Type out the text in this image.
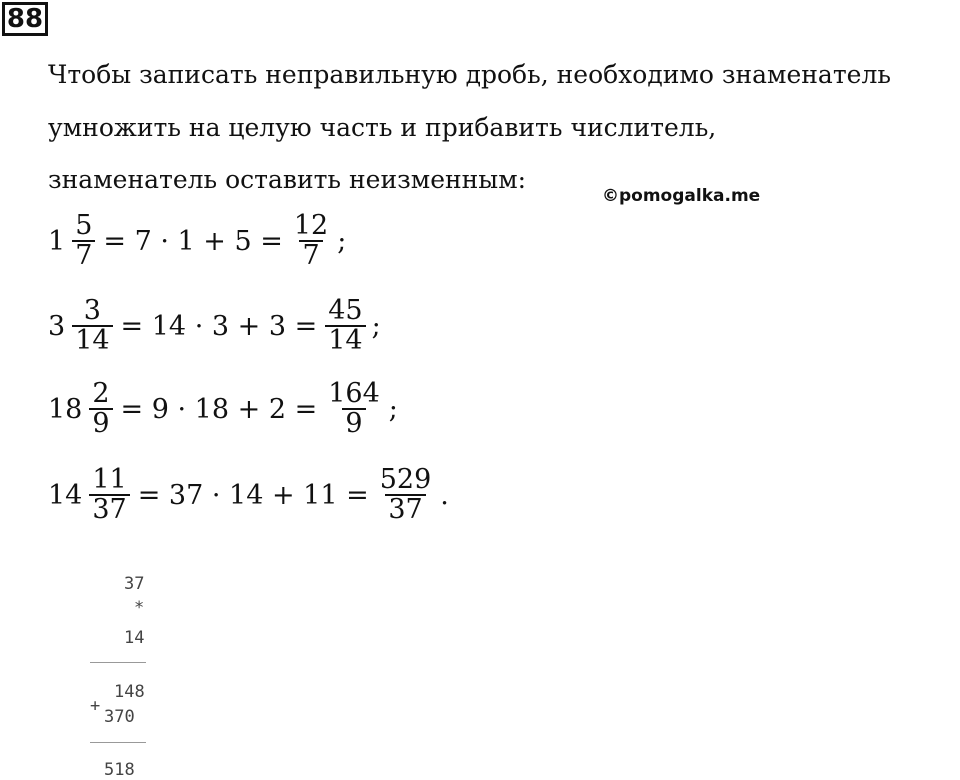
88
Чтобы записать неправильную дробь, необходимо знаменатель
умножить на целую часть и прибавить числитель,
знаменатель оставить неизменным:
©pomogalka.me
$1 \frac{5}{7} = 7 \cdot 1 + 5 = \frac{12}{7}$ ;
$3 \frac{3}{14} = 14 \cdot 3 + 3 = \frac{45}{14}$ ;
$18 \frac{2}{9} = 9 \cdot 18 + 2 = \frac{164}{9}$ ;
$14 \frac{11}{37} = 37 \cdot 14 + 11 = \frac{529}{37}$ .
37
*
14
148
+
370
518
